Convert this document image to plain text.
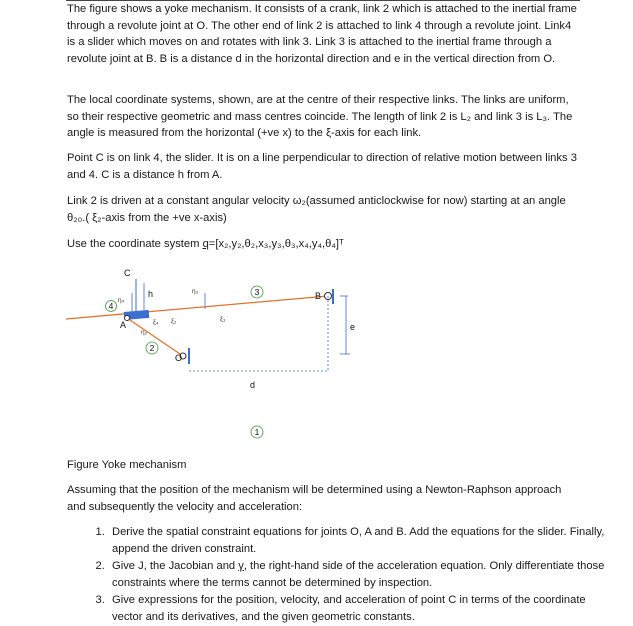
The figure shows a yoke mechanism. It consists of a crank, link 2 which is attached to the inertial frame through a revolute joint at O. The other end of link 2 is attached to link 4 through a revolute joint. Link4 is a slider which moves on and rotates with link 3. Link 3 is attached to the inertial frame through a revolute joint at B. B is a distance d in the horizontal direction and e in the vertical direction from O.

The local coordinate systems, shown, are at the centre of their respective links. The links are uniform, so their respective geometric and mass centres coincide. The length of link 2 is L₂ and link 3 is L₃. The angle is measured from the horizontal (+ve x) to the ξ-axis for each link.

Point C is on link 4, the slider. It is on a line perpendicular to direction of relative motion between links 3 and 4. C is a distance h from A.

Link 2 is driven at a constant angular velocity ω₂(assumed anticlockwise for now) starting at an angle θ₂₀.( ξ₂-axis from the +ve x-axis)

Use the coordinate system q=[x₂,y₂,θ₂,x₃,y₃,θ₃,x₄,y₄,θ₄]ᵀ

C
h
η₄
η₃
ξ₄	ξ₃
ξ₂
η₂
A
B
O
d
e
4
3
2
1

Figure Yoke mechanism

Assuming that the position of the mechanism will be determined using a Newton-Raphson approach and subsequently the velocity and acceleration:

1. Derive the spatial constraint equations for joints O, A and B. Add the equations for the slider. Finally, append the driven constraint.
2. Give J, the Jacobian and γ, the right-hand side of the acceleration equation. Only differentiate those constraints where the terms cannot be determined by inspection.
3. Give expressions for the position, velocity, and acceleration of point C in terms of the coordinate vector and its derivatives, and the given geometric constants.
